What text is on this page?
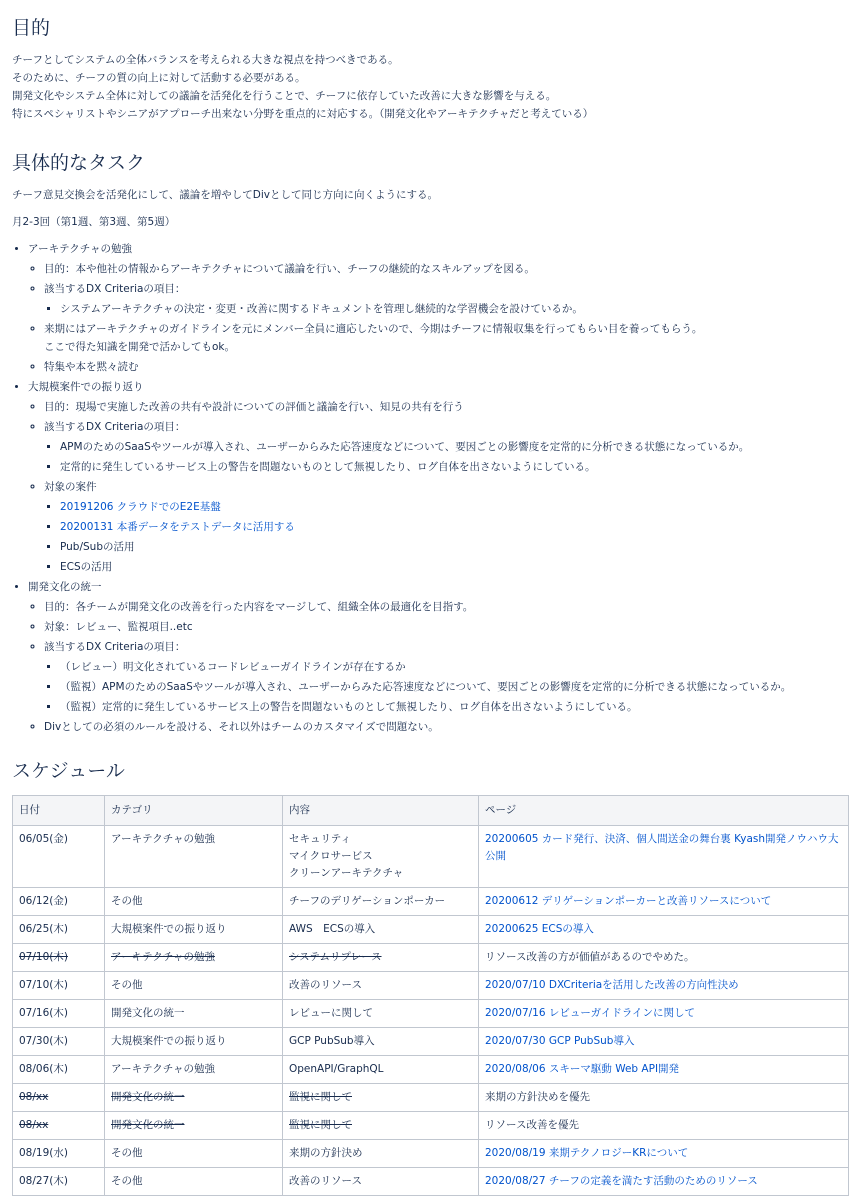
目的

チーフとしてシステムの全体バランスを考えられる大きな視点を持つべきである。

そのために、チーフの質の向上に対して活動する必要がある。

開発文化やシステム全体に対しての議論を活発化を行うことで、チーフに依存していた改善に大きな影響を与える。

特にスペシャリストやシニアがアプローチ出来ない分野を重点的に対応する。（開発文化やアーキテクチャだと考えている）

具体的なタスク

チーフ意見交換会を活発化にして、議論を増やしてDivとして同じ方向に向くようにする。

月2-3回（第1週、第3週、第5週）

• アーキテクチャの勉強
◦ 目的：本や他社の情報からアーキテクチャについて議論を行い、チーフの継続的なスキルアップを図る。
◦ 該当するDX Criteriaの項目：
▪ システムアーキテクチャの決定・変更・改善に関するドキュメントを管理し継続的な学習機会を設けているか。
◦ 来期にはアーキテクチャのガイドラインを元にメンバー全員に適応したいので、今期はチーフに情報収集を行ってもらい目を養ってもらう。
ここで得た知識を開発で活かしてもok。
◦ 特集や本を黙々読む
• 大規模案件での振り返り
◦ 目的：現場で実施した改善の共有や設計についての評価と議論を行い、知見の共有を行う
◦ 該当するDX Criteriaの項目：
▪ APMのためのSaaSやツールが導入され、ユーザーからみた応答速度などについて、要因ごとの影響度を定常的に分析できる状態になっているか。
▪ 定常的に発生しているサービス上の警告を問題ないものとして無視したり、ログ自体を出さないようにしている。
◦ 対象の案件
▪ 20191206 クラウドでのE2E基盤
▪ 20200131 本番データをテストデータに活用する
▪ Pub/Subの活用
▪ ECSの活用
• 開発文化の統一
◦ 目的：各チームが開発文化の改善を行った内容をマージして、組織全体の最適化を目指す。
◦ 対象：レビュー、監視項目..etc
◦ 該当するDX Criteriaの項目：
▪ （レビュー）明文化されているコードレビューガイドラインが存在するか
▪ （監視）APMのためのSaaSやツールが導入され、ユーザーからみた応答速度などについて、要因ごとの影響度を定常的に分析できる状態になっているか。
▪ （監視）定常的に発生しているサービス上の警告を問題ないものとして無視したり、ログ自体を出さないようにしている。
◦ Divとしての必須のルールを設ける、それ以外はチームのカスタマイズで問題ない。
スケジュール
日付	カテゴリ	内容	ページ
06/05(金)	アーキテクチャの勉強	セキュリティ
マイクロサービス
クリーンアーキテクチャ	20200605 カード発行、決済、個人間送金の舞台裏 Kyash開発ノウハウ大公開
06/12(金)	その他	チーフのデリゲーションポーカー	20200612 デリゲーションポーカーと改善リソースについて
06/25(木)	大規模案件での振り返り	AWS　ECSの導入	20200625 ECSの導入
07/10(木)	アーキテクチャの勉強	システムリプレース	リソース改善の方が価値があるのでやめた。
07/10(木)	その他	改善のリソース	2020/07/10 DXCriteriaを活用した改善の方向性決め
07/16(木)	開発文化の統一	レビューに関して	2020/07/16 レビューガイドラインに関して
07/30(木)	大規模案件での振り返り	GCP PubSub導入	2020/07/30 GCP PubSub導入
08/06(木)	アーキテクチャの勉強	OpenAPI/GraphQL	2020/08/06 スキーマ駆動 Web API開発
08/xx	開発文化の統一	監視に関して	来期の方針決めを優先
08/xx	開発文化の統一	監視に関して	リソース改善を優先
08/19(水)	その他	来期の方針決め	2020/08/19 来期テクノロジーKRについて
08/27(木)	その他	改善のリソース	2020/08/27 チーフの定義を満たす活動のためのリソース
